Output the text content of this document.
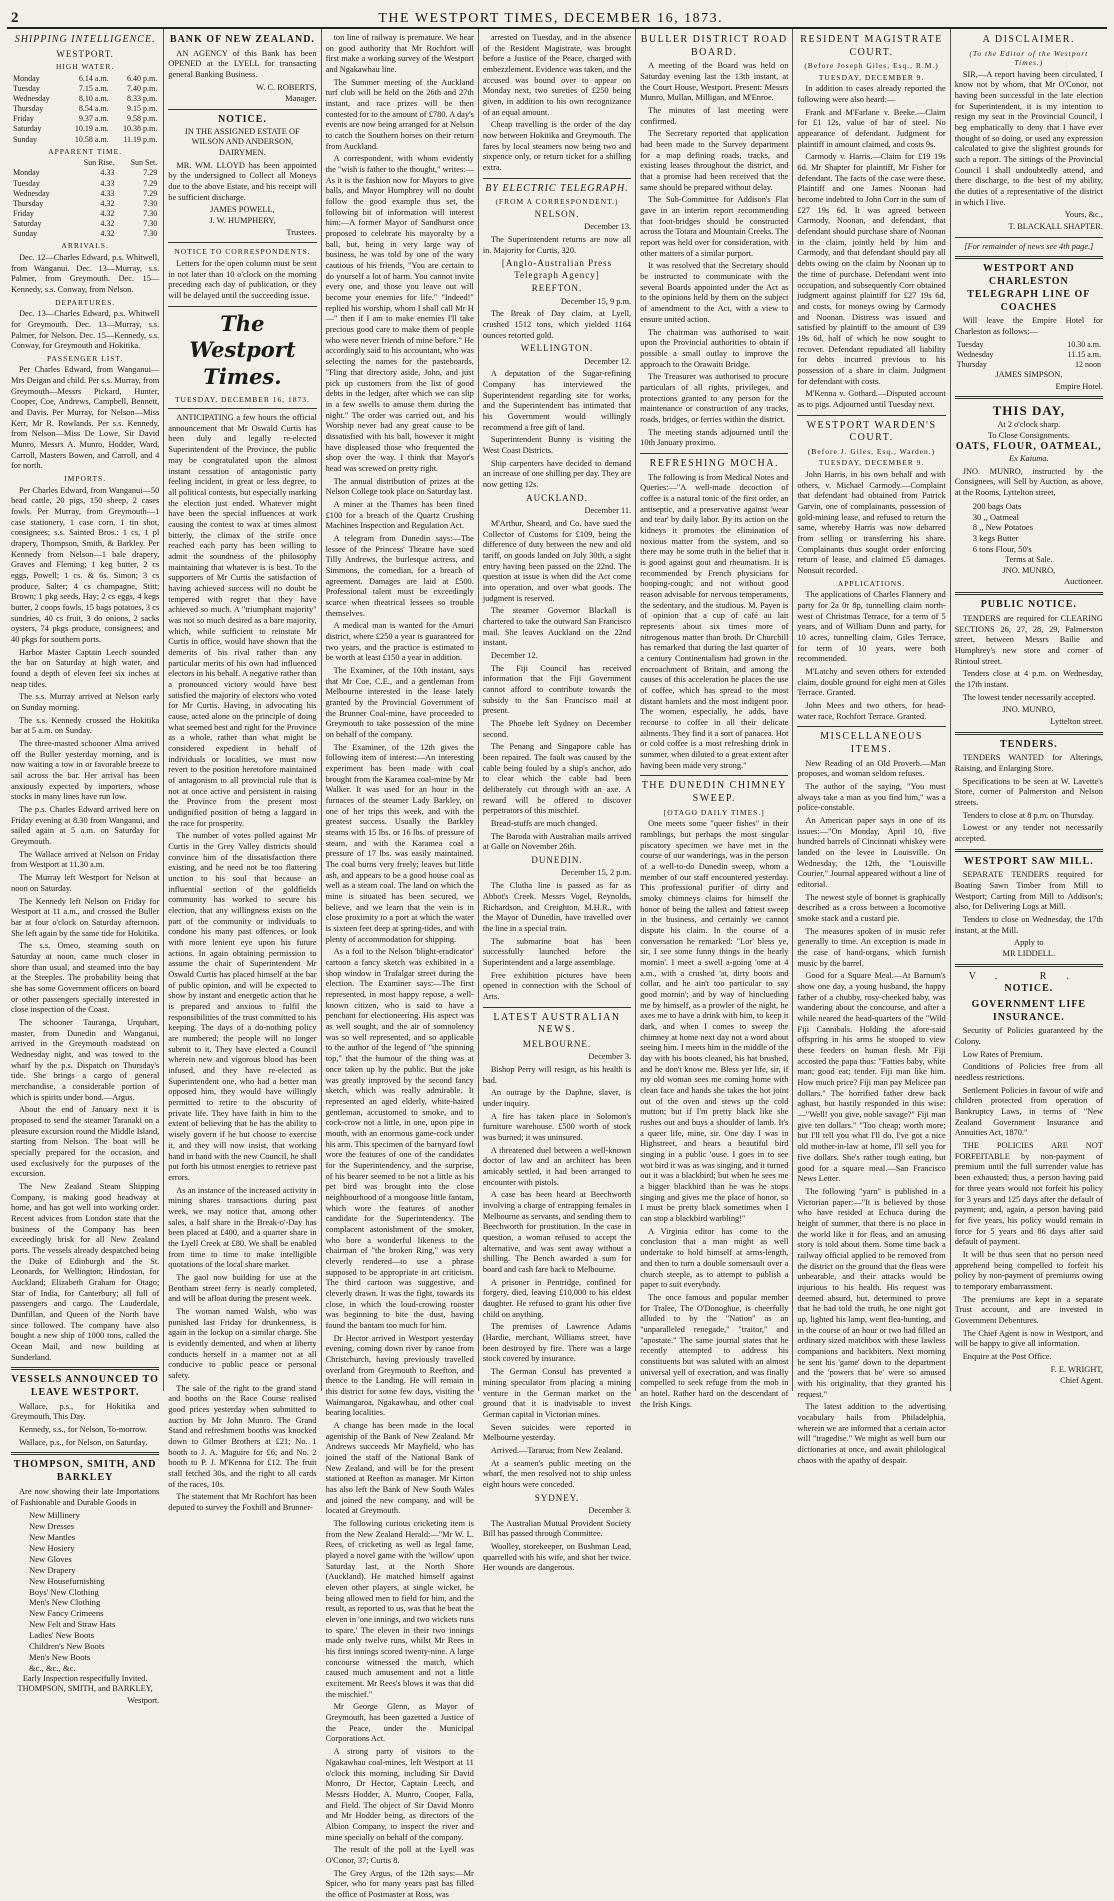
2	THE WESTPORT TIMES, DECEMBER 16, 1873.
SHIPPING INTELLIGENCE.
WESTPORT.
HIGH WATER.
Monday	6.14 a.m.	6.40 p.m.
Tuesday	7.15 a.m.	7.40 p.m.
Wednesday	8.10 a.m.	8.33 p.m.
Thursday	8.54 a.m.	9.15 p.m.
Friday	9.37 a.m.	9.58 p.m.
Saturday	10.19 a.m.	10.38 p.m.
Sunday	10.58 a.m.	11.19 p.m.
APPARENT TIME.
	Sun Rise.	Sun Set.
Monday	4.33	7.29
Tuesday	4.33	7.29
Wednesday	4.33	7.29
Thursday	4.32	7.30
Friday	4.32	7.30
Saturday	4.32	7.30
Sunday	4.32	7.30
ARRIVALS.
Dec. 12—Charles Edward, p.s. Whitwell, from Wanganui. Dec. 13—Murray, s.s. Palmer, from Greymouth. Dec. 15—Kennedy, s.s. Conway, from Nelson.
DEPARTURES.
Dec. 13—Charles Edward, p.s. Whitwell for Greymouth. Dec. 13—Murray, s.s. Palmer, for Nelson. Dec. 15—Kennedy, s.s. Conway, for Greymouth and Hokitika.
PASSENGER LIST.
Per Charles Edward, from Wanganui—Mrs Deigan and child. Per s.s. Murray, from Greymouth—Messrs Pickard, Hunter, Cooper, Coe, Andrews, Campbell, Bennett, and Davis. Per Murray, for Nelson—Miss Kerr, Mr R. Rowlands. Per s.s. Kennedy, from Nelson—Miss De Lowe, Sir David Munro, Messrs A. Munro, Hodder, Ward, Carroll, Masters Bowen, and Carroll, and 4 for north.
IMPORTS.
Per Charles Edward, from Wanganui—50 head cattle, 20 pigs, 150 sheep, 2 cases fowls. Per Murray, from Greymouth—1 case stationery, 1 case corn, 1 tin shot, consignees; s.s. Sainted Bros.: 1 cs, 1 pl drapery, Thompson, Smith, & Barkley. Per Kennedy from Nelson—1 bale drapery, Graves and Fleming; 1 keg butter, 2 cs eggs, Powell; 1 cs. & 6s. Simon; 3 cs produce, Salter; 4 cs champagne, Stitt; Brown; 1 pkg seeds, Hay; 2 cs eggs, 4 kegs butter, 2 coops fowls, 15 bags potatoes, 3 cs sundries, 40 cs fruit, 3 do onions, 2 sacks oysters, 74 pkgs produce, consignees; and 40 pkgs for southern ports.
Harbor Master Captain Leech sounded the bar on Saturday at high water, and found a depth of eleven feet six inches at neap tides.
The s.s. Murray arrived at Nelson early on Sunday morning.
The s.s. Kennedy crossed the Hokitika bar at 5 a.m. on Sunday.
The three-masted schooner Alma arrived off the Buller yesterday morning, and is now waiting a tow in or favorable breeze to sail across the bar. Her arrival has been anxiously expected by importers, whose stocks in many lines have run low.
The p.s. Charles Edward arrived here on Friday evening at 8.30 from Wanganui, and sailed again at 5 a.m. on Saturday for Greymouth.
The Wallace arrived at Nelson on Friday from Westport at 11.30 a.m.
The Murray left Westport for Nelson at noon on Saturday.
The Kennedy left Nelson on Friday for Westport at 11 a.m., and crossed the Buller bar at four o'clock on Saturday afternoon. She left again by the same tide for Hokitika.
The s.s. Omeo, steaming south on Saturday at noon, came much closer in shore than usual, and steamed into the bay at the Steeples. The probability being that she has some Government officers on board or other passengers specially interested in close inspection of the Coast.
The schooner Tauranga, Urquhart, master, from Dunedin and Wanganui, arrived in the Greymouth roadstead on Wednesday night, and was towed to the wharf by the p.s. Dispatch on Thursday's tide. She brings a cargo of general merchandise, a considerable portion of which is spirits under bond.—Argus.
About the end of January next it is proposed to send the steamer Taranaki on a pleasure excursion round the Middle Island, starting from Nelson. The boat will be specially prepared for the occasion, and used exclusively for the purposes of the excursion.
The New Zealand Steam Shipping Company, is making good headway at home, and has got well into working order. Recent advices from London state that the business of the Company has been exceedingly brisk for all New Zealand ports. The vessels already despatched being the Duke of Edinburgh and the St. Leonards, for Wellington; Hindostan, for Auckland; Elizabeth Graham for Otago; Star of India, for Canterbury; all full of passengers and cargo. The Lauderdale, Dunfillan, and Queen of the North have since followed. The company have also bought a new ship of 1000 tons, called the Ocean Mail, and now building at Sunderland.
VESSELS ANNOUNCED TO LEAVE WESTPORT.
Wallace, p.s., for Hokitika and Greymouth, This Day.
Kennedy, s.s., for Nelson, To-morrow.
Wallace, p.s., for Nelson, on Saturday.
THOMPSON, SMITH, AND BARKLEY
Are now showing their late Importations of Fashionable and Durable Goods in
New Millinery
New Dresses
New Mantles
New Hosiery
New Gloves
New Drapery
New Housefurnishing
Boys' New Clothing
Men's New Clothing
New Fancy Crimeens
New Felt and Straw Hats
Ladies' New Boots
Children's New Boots
Men's New Boots
&c., &c., &c.
Early Inspection respectfully Invited.
THOMPSON, SMITH, and BARKLEY,
Westport.
BANK OF NEW ZEALAND.
AN AGENCY of this Bank has been OPENED at the LYELL for transacting general Banking Business.
W. C. ROBERTS,
Manager.
NOTICE.
IN THE ASSIGNED ESTATE OF WILSON AND ANDERSON, DAIRYMEN.
MR. WM. LLOYD has been appointed by the undersigned to Collect all Moneys due to the above Estate, and his receipt will be sufficient discharge.
JAMES POWELL,
J. W. HUMPHERY,
Trustees.
NOTICE TO CORRESPONDENTS.
Letters for the open column must be sent in not later than 10 o'clock on the morning preceding each day of publication, or they will be delayed until the succeeding issue.
The Westport Times.
TUESDAY, DECEMBER 16, 1873.
ANTICIPATING a few hours the official announcement that Mr Oswald Curtis has been duly and legally re-elected Superintendent of the Province, the public may be congratulated upon the almost instant cessation of antagonistic party feeling incident, in great or less degree, to all political contests, but especially marking the election just ended. Whatever might have been the special influences at work causing the contest to wax at times almost bitterly, the climax of the strife once reached each party has been willing to admit the soundness of the philosophy maintaining that whatever is is best. To the supporters of Mr Curtis the satisfaction of having achieved success will no doubt be tempered with regret that they have achieved so much. A "triumphant majority" was not so much desired as a bare majority, which, while sufficient to reinstate Mr Curtis in office, would have shown that the demerits of his rival rather than any particular merits of his own had influenced electors in his behalf. A negative rather than a pronounced victory would have best satisfied the majority of electors who voted for Mr Curtis. Having, in advocating his cause, acted alone on the principle of doing what seemed best and right for the Province as a whole, rather than what might be considered expedient in behalf of individuals or localities, we must now revert to the position heretofore maintained of antagonism to all provincial rule that is not at once active and persistent in raising the Province from the present most undignified position of being a laggard in the race for prosperity.
The number of votes polled against Mr Curtis in the Grey Valley districts should convince him of the dissatisfaction there existing, and he need not be too flattering unction to his soul that because an influential section of the goldfields community has worked to secure his election, that any willingness exists on the part of the community or individuals to condone his many past offences, or look with more lenient eye upon his future actions. In again obtaining permission to assume the chair of Superintendent Mr Oswald Curtis has placed himself at the bar of public opinion, and will be expected to show by instant and energetic action that he is prepared and anxious to fulfil the responsibilities of the trust committed to his keeping. The days of a do-nothing policy are numbered; the people will no longer submit to it. They have elected a Council wherein new and vigorous blood has been infused, and they have re-elected as Superintendent one, who had a better man opposed him, they would have willingly permitted to retire to the obscurity of private life. They have faith in him to the extent of believing that he has the ability to wisely govern if he but choose to exercise it, and they will now insist, that working hand in hand with the new Council, he shall put forth his utmost energies to retrieve past errors.
As an instance of the increased activity in mining shares transactions during past week, we may notice that, among other sales, a half share in the Break-o'-Day has been placed at £400, and a quarter share in the Lyell Creek at £80. We shall be enabled from time to time to make intelligible quotations of the local share market.
The gaol now building for use at the Bentham street ferry is nearly completed, and will be afloat during the present week.
The woman named Walsh, who was punished last Friday for drunkenness, is again in the lockup on a similar charge. She is evidently demented, and when at liberty conducts herself in a manner not at all conducive to public peace or personal safety.
The sale of the right to the grand stand and booths on the Race Course realised good prices yesterday when submitted to auction by Mr John Munro. The Grand Stand and refreshment booths was knocked down to Gilmer Brothers at £21; No. 1 booth to J. A. Maguire for £6; and No. 2 booth to P. J. M'Kenna for £12. The fruit stall fetched 30s, and the right to all cards of the races, 10s.
The statement that Mr Rochfort has been deputed to survey the Foxhill and Brunner-
ton line of railway is premature. We hear on good authority that Mr Rochfort will first make a working survey of the Westport and Ngakawhau line.
The Summer meeting of the Auckland turf club will be held on the 26th and 27th instant, and race prizes will be then contested for to the amount of £780. A day's events are now being arranged for at Nelson to catch the Southern horses on their return from Auckland.
A correspondent, with whom evidently the "wish is father to the thought," writes:—As it is the fashion now for Mayors to give balls, and Mayor Humphrey will no doubt follow the good example thus set, the following bit of information will interest him:—A former Mayor of Sandhurst once proposed to celebrate his mayoralty by a ball, but, being in very large way of business, he was told by one of the wary cautious of his friends, "You are certain to do yourself a lot of harm. You cannot invite every one, and those you leave out will become your enemies for life." "Indeed!" replied his worship, whom I shall call Mr H—" then if I am to make enemies I'll take precious good care to make them of people who were never friends of mine before." He accordingly said to his accountant, who was selecting the names for the pasteboards, "Fling that directory aside, John, and just pick up customers from the list of good debts in the ledger, after which we can slip in a few swells to amuse them during the night." The order was carried out, and his Worship never had any great cause to be dissatisfied with his ball, however it might have displeased those who frequented the shop over the way. I think that Mayor's head was screwed on pretty right.
The annual distribution of prizes at the Nelson College took place on Saturday last.
A miner at the Thames has been fined £100 for a breach of the Quartz Crushing Machines Inspection and Regulation Act.
A telegram from Dunedin says:—The lessee of the Princess' Theatre have sued Tilly Andrews, the burlesque actress, and Simmons, the comedian, for a breach of agreement. Damages are laid at £500. Professional talent must be exceedingly scarce when theatrical lessees so trouble themselves.
A medical man is wanted for the Amuri district, where £250 a year is guaranteed for two years, and the practice is estimated to be worth at least £150 a year in addition.
The Examiner, of the 10th instant, says that Mr Coe, C.E., and a gentleman from Melbourne interested in the lease lately granted by the Provincial Government of the Brunner Coal-mine, have proceeded to Greymouth to take possession of the mine on behalf of the company.
The Examiner, of the 12th gives the following item of interest:—An interesting experiment has been made with coal brought from the Karamea coal-mine by Mr Walker. It was used for an hour in the furnaces of the steamer Lady Barkley, on one of her trips this week, and with the greatest success. Usually the Barkley steams with 15 lbs. or 16 lbs. of pressure of steam, and with the Karamea coal a pressure of 17 lbs. was easily maintained. The coal burns very freely; leaves but little ash, and appears to be a good house coal as well as a steam coal. The land on which the mine is situated has been secured, we believe, and we learn that the vein is in close proximity to a port at which the water is sixteen feet deep at spring-tides, and with plenty of accommodation for shipping.
As a foil to the Nelson 'blight-eradicator' cartoon a fancy sketch was exhibited in a shop window in Trafalgar street during the election. The Examiner says:—The first represented, in most happy repose, a well-known citizen, who is said to have a penchant for electioneering. His aspect was as well sought, and the air of somnolency was so well represented, and so applicable to the author of the legend of "the spinning top," that the humour of the thing was at once taken up by the public. But the joke was greatly improved by the second fancy sketch, which was really admirable. It represented an aged elderly, white-haired gentleman, accustomed to smoke, and to cock-crow not a little, in one, upon pipe in mouth, with an enormous game-cock under his arm. This specimen of the barnyard fowl wore the features of one of the candidates for the Superintendency, and the surprise, of his bearer seemed to be not a little as his pet bird was brought into the close neighbourhood of a mongoose little fantam, which wore the features of another candidate for the Superintendency. The complacent astonishment of the smoker, who bore a wonderful likeness to the chairman of "the broken Ring," was very cleverly rendered—to use a phrase supposed to be appropriate in art criticism. The third cartoon was suggestive, and cleverly drawn. It was the fight, towards its close, in which the loud-crowing rooster was beginning to bite the dust, having found the bantam too much for him.
Dr Hector arrived in Westport yesterday evening, coming down river by canoe from Christchurch, having previously travelled overland from Greymouth to Reefton, and thence to the Landing. He will remain in this district for some few days, visiting the Waimangaroa, Ngakawhau, and other coal bearing localities.
A change has been made in the local agentship of the Bank of New Zealand. Mr Andrews succeeds Mr Mayfield, who has joined the staff of the National Bank of New Zealand, and will be for the present stationed at Reefton as manager. Mr Kirton has also left the Bank of New South Wales and joined the new company, and will be located at Greymouth.
The following curious cricketing item is from the New Zealand Herald:—"Mr W. L. Rees, of cricketing as well as legal fame, played a novel game with the 'willow' upon Saturday last, at the North Shore (Auckland). He matched himself against eleven other players, at single wicket, he being allowed men to field for him, and the result, as reported to us, was that he beat the eleven in 'one innings, and two wickets runs to spare.' The eleven in their two innings made only twelve runs, whilst Mr Rees in his first innings scored twenty-nine. A large concourse witnessed the match, which caused much amusement and not a little excitement. Mr Rees's blows it was that did the mischief."
Mr George Glenn, as Mayor of Greymouth, has been gazetted a Justice of the Peace, under the Municipal Corporations Act.
A strong party of visitors to the Ngakawhau coal-mines, left Westport at 11 o'clock this morning, including Sir David Monro, Dr Hector, Captain Leech, and Messrs Hodder, A. Munro, Cooper, Falla, and Field. The object of Sir David Monro and Mr Hodder being, as directors of the Albion Company, to inspect the river and mine specially on behalf of the company.
The result of the poll at the Lyell was O'Conor, 37; Curtis 8.
The Grey Argus, of the 12th says:—Mr Spicer, who for many years past has filled the office of Postmaster at Ross, was
arrested on Tuesday, and in the absence of the Resident Magistrate, was brought before a Justice of the Peace, charged with embezzlement. Evidence was taken, and the accused was bound over to appear on Monday next, two sureties of £250 being given, in addition to his own recognizance of an equal amount.
Cheap travelling is the order of the day now between Hokitika and Greymouth. The fares by local steamers now being two and sixpence only, or return ticket for a shilling extra.
BY ELECTRIC TELEGRAPH.
(FROM A CORRESPONDENT.)
NELSON.
December 13.
The Superintendent returns are now all in. Majority for Curtis, 320.
[Anglo-Australian Press Telegraph Agency]
REEFTON.
December 15, 9 p.m.
The Break of Day claim, at Lyell, crushed 1512 tons, which yielded 1164 ounces retorted gold.
WELLINGTON.
December 12.
A deputation of the Sugar-refining Company has interviewed the Superintendent regarding site for works, and the Superintendent has intimated that his Government would willingly recommend a free gift of land.
Superintendent Bunny is visiting the West Coast Districts.
Ship carpenters have decided to demand an increase of one shilling per day. They are now getting 12s.
AUCKLAND.
December 11.
M'Arthur, Sheard, and Co. have sued the Collector of Customs for £109, being the difference of duty between the new and old tariff, on goods landed on July 30th, a sight entry having been passed on the 22nd. The question at issue is when did the Act come into operation, and over what goods. The judgment is reserved.
The steamer Governor Blackall is chartered to take the outward San Francisco mail. She leaves Auckland on the 22nd instant.
December 12.
The Fiji Council has received information that the Fiji Government cannot afford to contribute towards the subsidy to the San Francisco mail at present.
The Phoebe left Sydney on December second.
The Penang and Singapore cable has been repaired. The fault was caused by the cable being fouled by a ship's anchor, ado to clear which the cable had been deliberately cut through with an axe. A reward will be offered to discover perpetrators of this mischief.
Bread-stuffs are much changed.
The Baroda with Australian mails arrived at Galle on November 26th.
DUNEDIN.
December 15, 2 p.m.
The Clutha line is passed as far as Abbot's Creek. Messrs Vogel, Reynolds, Richardson, and Creighton, M.H.R., with the Mayor of Dunedin, have travelled over the line in a special train.
The submarine boat has been successfully launched before the Superintendent and a large assemblage.
Free exhibition pictures have been opened in connection with the School of Arts.
LATEST AUSTRALIAN NEWS.
MELBOURNE.
December 3.
Bishop Perry will resign, as his health is bad.
An outrage by the Daphne, slaver, is under inquiry.
A fire has taken place in Solomon's furniture warehouse. £500 worth of stock was burned; it was uninsured.
A threatened duel between a well-known doctor of law and an architect has been amicably settled, it had been arranged to encounter with pistols.
A case has been heard at Beechworth involving a charge of entrapping females in Melbourne as servants, and sending them to Beechworth for prostitution. In the case in question, a woman refused to accept the alternative, and was sent away without a shilling. The Bench awarded a sum for board and cash fare back to Melbourne.
A prisoner in Pentridge, confined for forgery, died, leaving £10,000 to his eldest daughter. He refused to grant his other five child on anything.
The premises of Lawrence Adams (Hardie, merchant, Williams street, have been destroyed by fire. There was a large stock covered by insurance.
The German Consul has prevented a mining speculator from placing a mining venture in the German market on the ground that it is inadvisable to invest German capital in Victorian mines.
Seven suicides were reported in Melbourne yesterday.
Arrived.—Tararua; from New Zealand.
At a seamen's public meeting on the wharf, the men resolved not to ship unless eight hours were conceded.
SYDNEY.
December 3.
The Australian Mutual Provident Society Bill has passed through Committee.
Woolley, storekeeper, on Bushman Lead, quarrelled with his wife, and shot her twice. Her wounds are dangerous.
BULLER DISTRICT ROAD BOARD.
A meeting of the Board was held on Saturday evening last the 13th instant, at the Court House, Westport. Present: Messrs Munro, Mullan, Milligan, and M'Enroe.
The minutes of last meeting were confirmed.
The Secretary reported that application had been made to the Survey department for a map defining roads, tracks, and existing leases throughout the district, and that a promise had been received that the same should be prepared without delay.
The Sub-Committee for Addison's Flat gave in an interim report recommending that foot-bridges should be constructed across the Totara and Mountain Creeks. The report was held over for consideration, with other matters of a similar purport.
It was resolved that the Secretary should be instructed to communicate with the several Boards appointed under the Act as to the opinions held by them on the subject of amendment to the Act, with a view to ensure united action.
The chairman was authorised to wait upon the Provincial authorities to obtain if possible a small outlay to improve the approach to the Orawaiti Bridge.
The Treasurer was authorised to procure particulars of all rights, privileges, and protections granted to any person for the maintenance or construction of any tracks, roads, bridges, or ferries within the district.
The meeting stands adjourned until the 10th January proximo.
REFRESHING MOCHA.
The following is from Medical Notes and Queries:—"A well-made decoction of coffee is a natural tonic of the first order, an antiseptic, and a preservative against 'wear and tear' by daily labor. By its action on the kidneys it promotes the elimination of noxious matter from the system, and so there may be some truth in the belief that it is good against gout and rheumatism. It is recommended by French physicians for hooping-cough; and not without good reason advisable for nervous temperaments, the sedentary, and the studious. M. Payen is of opinion that a cup of café au lait represents about six times more of nitrogenous matter than broth. Dr Churchill has remarked that during the last quarter of a century Continentalism had grown in the encroachment of Britain, and among the causes of this acceleration he places the use of coffee, which has spread to the most distant hamlets and the most indigent poor. The women, especially, he adds, have recourse to coffee in all their delicate ailments. They find it a sort of panacea. Hot or cold coffee is a most refreshing drink in summer, when diluted to a great extent after having been made very strong."
THE DUNEDIN CHIMNEY SWEEP.
[OTAGO DAILY TIMES.]
One meets some "queer fishes" in their ramblings, but perhaps the most singular piscatory specimen we have met in the course of our wanderings, was in the person of a well-to-do Dunedin sweep, whom a member of our staff encountered yesterday. This professional purifier of dirty and smoky chimneys claims for himself the honor of being the tallest and fattest sweep in the business, and certainly we cannot dispute his claim. In the course of a conversation he remarked: "Lor' bless ye, sir, I see some funny things in the hearly mornin'. I meet a swell a-going 'ome at 4 a.m., with a crushed 'at, dirty boots and collar, and he ain't too particular to say good mornin'; and by way of hinclueding me by himself, as a prowler of the night, he axes me to have a drink with him, to keep it dark, and when I comes to sweep the chimney at home next day not a word about seeing him. I meets him in the middle of the day with his boots cleaned, his hat brushed, and he don't know me. Bless yer life, sir, if my old woman sees me coming home with clean face and hands she takes the hot joint out of the oven and stews up the cold mutton; but if I'm pretty black like she rushes out and buys a shoulder of lamb. It's a queer life, mine, sir. One day I was in Highstreet, and hears a beautiful bird singing in a public 'ouse. I goes in to see wot bird it was as was singing, and it turned out it was a blackbird; but when he sees me a bigger blackbird than he was he stops singing and gives me the place of honor, so I must be pretty black sometimes when I can stop a blackbird warbling!"
A Virginia editor has come to the conclusion that a man might as well undertake to hold himself at arms-length, and then to turn a double somersault over a church steeple, as to attempt to publish a paper to suit everybody.
The once famous and popular member for Tralee, The O'Donoghue, is cheerfully alluded to by the "Nation" as an "unparalleled renegade," "traitor," and "apostate." The same journal states that he recently attempted to address his constituents but was saluted with an almost universal yell of execration, and was finally compelled to seek refuge from the mob in an hotel. Rather hard on the descendant of the Irish Kings.
RESIDENT MAGISTRATE COURT.
(Before Joseph Giles, Esq., R.M.)
TUESDAY, DECEMBER 9.
In addition to cases already reported the following were also heard:—
Frank and M'Farlane v. Beeke.—Claim for £1 12s, value of bar of steel. No appearance of defendant. Judgment for plaintiff in amount claimed, and costs 9s.
Carmody v. Harris.—Claim for £19 19s 6d. Mr Shapter for plaintiff, Mr Fisher for defendant. The facts of the case were these. Plaintiff and one James Noonan had become indebted to John Corr in the sum of £27 19s 6d. It was agreed between Carmody, Noonan, and defendant, that defendant should purchase share of Noonan in the claim, jointly held by him and Carmody, and that defendant should pay all debts owing on the claim by Noonan up to the time of purchase. Defendant went into occupation, and subsequently Corr obtained judgment against plaintiff for £27 19s 6d, and costs, for moneys owing by Carmody and Noonan. Distress was issued and satisfied by plaintiff to the amount of £39 19s 6d, half of which he now sought to recover. Defendant repudiated all liability for debts incurred previous to his possession of a share in claim. Judgment for defendant with costs.
M'Kenna v. Gothard.—Disputed account as to pigs. Adjourned until Tuesday next.
WESTPORT WARDEN'S COURT.
(Before J. Giles, Esq., Warden.)
TUESDAY, DECEMBER 9.
John Harris, in his own behalf and with others, v. Michael Carmody.—Complaint that defendant had obtained from Patrick Garvin, one of complainants, possession of gold-mining lease, and refused to return the same, whereby Harris was now debarred from selling or transferring his share. Complainants thus sought order enforcing return of lease, and claimed £5 damages. Nonsuit recorded.
APPLICATIONS.
The applications of Charles Flannery and party for 2a 0r 8p, tunnelling claim north-west of Christmas Terrace, for a term of 5 years, and of William Dunn and party, for 10 acres, tunnelling claim, Giles Terrace, for term of 10 years, were both recommended.
M'Latchy and seven others for extended claim, double ground for eight men at Giles Terrace. Granted.
John Mees and two others, for head-water race, Rochfort Terrace. Granted.
MISCELLANEOUS ITEMS.
New Reading of an Old Proverb.—Man proposes, and woman seldom refuses.
The author of the saying, "You must always take a man as you find him," was a police-constable.
An American paper says in one of its issues:—"On Monday, April 10, five hundred barrels of Cincinnati whiskey were landed on the levee in Louisville. On Wednesday, the 12th, the "Louisville Courier," Journal appeared without a line of editorial.
The newest style of bonnet is graphically described as a cross between a locomotive smoke stack and a custard pie.
The measures spoken of in music refer generally to time. An exception is made in the case of hand-organs, which furnish music by the barrel.
Good for a Square Meal.—At Barnum's show one day, a young husband, the happy father of a chubby, rosy-cheeked baby, was wandering about the concourse, and after a while neared the head-quarters of the "Wild Fiji Cannibals. Holding the afore-said offspring in his arms he stooped to view these feeders on human flesh. Mr Fiji accosted the papa thus: "Fatties baby, white man; good eat; tender. Fiji man like him. How much price? Fiji man pay Melicee pan dollars." The horrified father drew back aghast, but hastily responded in this wise:—"Well! you give, noble savage?" Fiji man give ten dollars." "Too cheap; worth more; but I'll tell you what I'll do. I've got a nice old mother-in-law at home, I'll sell you for five dollars. She's rather tough eating, but good for a square meal.—San Francisco News Letter.
The following "yarn" is published in a Victorian paper:—"It is believed by those who have resided at Echuca during the height of summer, that there is no place in the world like it for fleas, and an amusing story is told about them. Some time back a railway official applied to be removed from the district on the ground that the fleas were unbearable, and their attacks would be injurious to his health. His request was deemed absurd, but, determined to prove that he had told the truth, he one night got up, lighted his lamp, went flea-hunting, and in the course of an hour or two had filled an ordinary sized matchbox with these lawless companions and backbiters. Next morning he sent his 'game' down to the department and the 'powers that be' were so amused with his originality, that they granted his request."
The latest addition to the advertising vocabulary hails from Philadelphia, wherein we are informed that a certain actor will "tragedise." We might as well burn our dictionaries at once, and await philological chaos with the apathy of despair.
A DISCLAIMER.
(To the Editor of the Westport Times.)
SIR,—A report having been circulated, I know not by whom, that Mr O'Conor, not having been successful in the late election for Superintendent, it is my intention to resign my seat in the Provincial Council, I beg emphatically to deny that I have ever thought of so doing, or used any expression calculated to give the slightest grounds for such a report. The sittings of the Provincial Council I shall undoubtedly attend, and there discharge, to the best of my ability, the duties of a representative of the district in which I live.
Yours, &c.,
T. BLACKALL SHAPTER.
[For remainder of news see 4th page.]
WESTPORT AND CHARLESTON TELEGRAPH LINE OF COACHES
Will leave the Empire Hotel for Charleston as follows:—
Tuesday	10.30 a.m.
Wednesday	11.15 a.m.
Thursday	12 noon
JAMES SIMPSON,
Empire Hotel.
THIS DAY,
At 2 o'clock sharp.
To Close Consignments.
OATS, FLOUR, OATMEAL,
Ex Kaiuma.
JNO. MUNRO, instructed by the Consignees, will Sell by Auction, as above, at the Rooms, Lyttelton street,
200 bags Oats
30 ,, Oatmeal
8 ,, New Potatoes
3 kegs Butter
6 tons Flour, 50's
Terms at Sale.
JNO. MUNRO,
Auctioneer.
PUBLIC NOTICE.
TENDERS are required for CLEARING SECTIONS 26, 27, 28, 29, Palmerston street, between Messrs Bailie and Humphrey's new store and corner of Rintoul street.
Tenders close at 4 p.m. on Wednesday, the 17th instant.
The lowest tender necessarily accepted.
JNO. MUNRO,
Lyttelton street.
TENDERS.
TENDERS WANTED for Alterings, Raising, and Enlarging Store.
Specifications to be seen at W. Lavette's Store, corner of Palmerston and Nelson streets.
Tenders to close at 8 p.m. on Thursday.
Lowest or any tender not necessarily accepted.
WESTPORT SAW MILL.
SEPARATE TENDERS required for Boating Sawn Timber from Mill to Westport; Carting from Mill to Addison's; also, for Delivering Logs at Mill.
Tenders to close on Wednesday, the 17th instant, at the Mill.
Apply to
MR LIDDELL.
V. R.
NOTICE.
GOVERNMENT LIFE INSURANCE.
Security of Policies guaranteed by the Colony.
Low Rates of Premium.
Conditions of Policies free from all needless restrictions.
Settlement Policies in favour of wife and children protected from operation of Bankruptcy Laws, in terms of "New Zealand Government Insurance and Annuities Act, 1870."
THE POLICIES ARE NOT FORFEITABLE by non-payment of premium until the full surrender value has been exhausted; thus, a person having paid for three years would not forfeit his policy for 3 years and 125 days after the default of payment; and, again, a person having paid for five years, his policy would remain in force for 5 years and 86 days after said default of payment.
It will be thus seen that no person need apprehend being compelled to forfeit his policy by non-payment of premiums owing to temporary embarrassment.
The premiums are kept in a separate Trust account, and are invested in Government Debentures.
The Chief Agent is now in Westport, and will be happy to give all information.
Enquire at the Post Office.
F. E. WRIGHT,
Chief Agent.
